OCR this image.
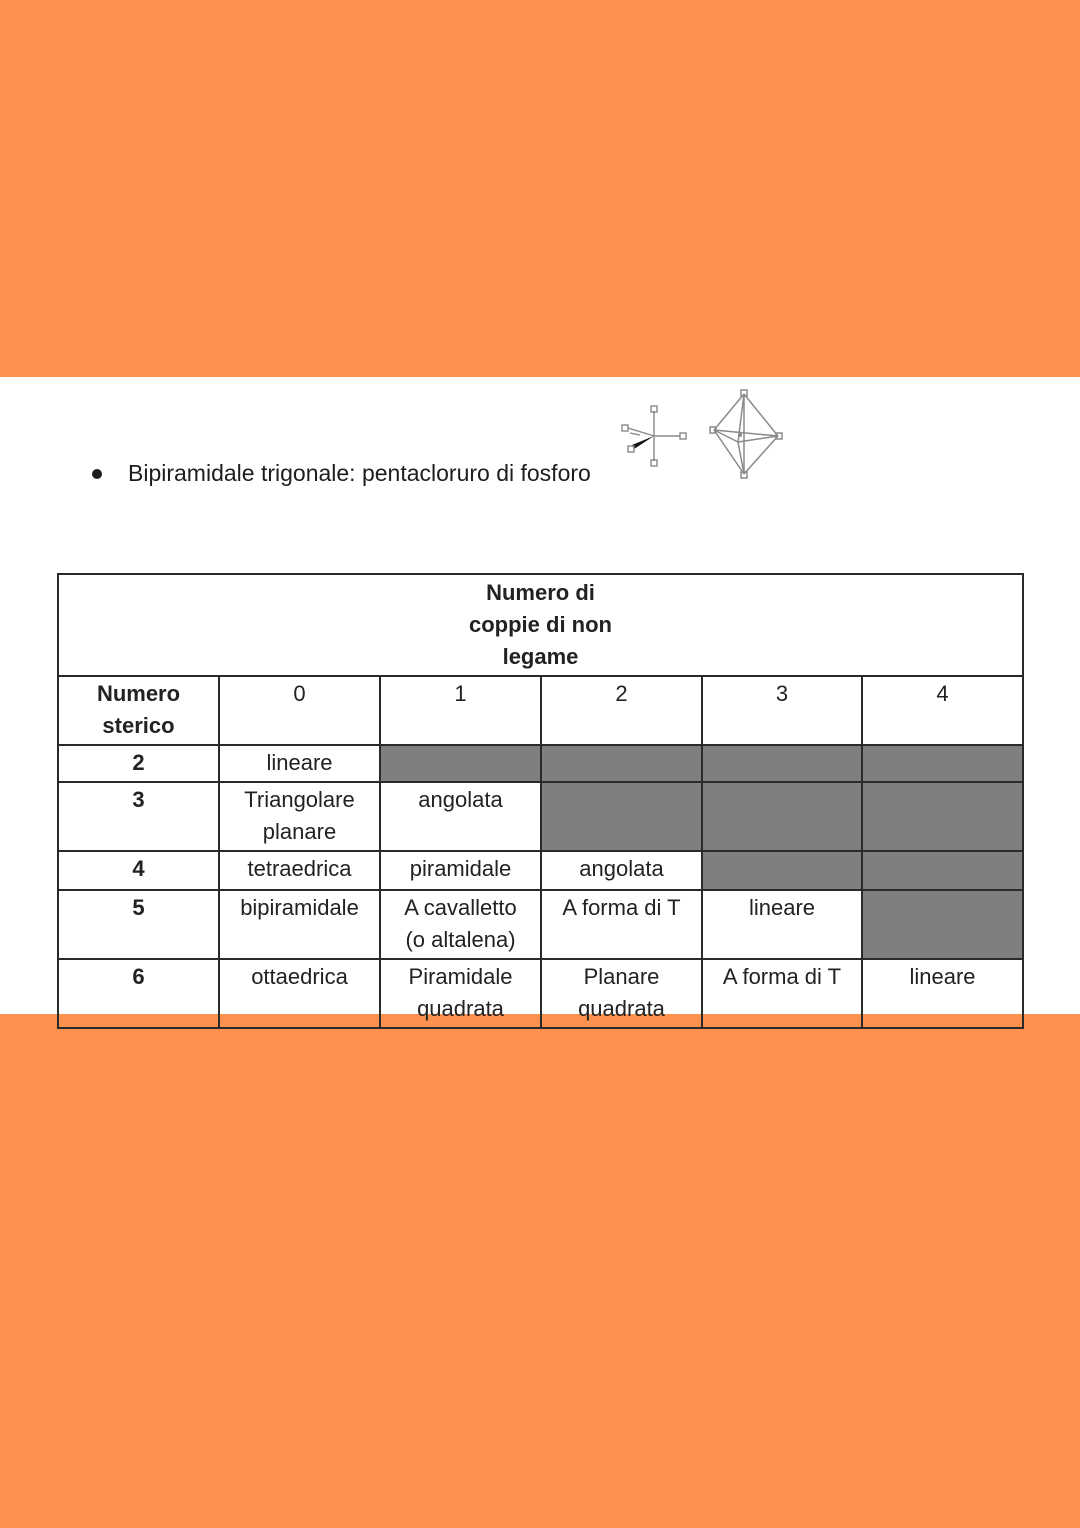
Bipiramidale trigonale: pentacloruro di fosforo
Numero di coppie di non legame					

Numero sterico	0	1	2	3	4
2	lineare				
3	Triangolare planare	angolata			
4	tetraedrica	piramidale	angolata		
5	bipiramidale	A cavalletto (o altalena)	A forma di T	lineare	
6	ottaedrica	Piramidale quadrata	Planare quadrata	A forma di T	lineare
